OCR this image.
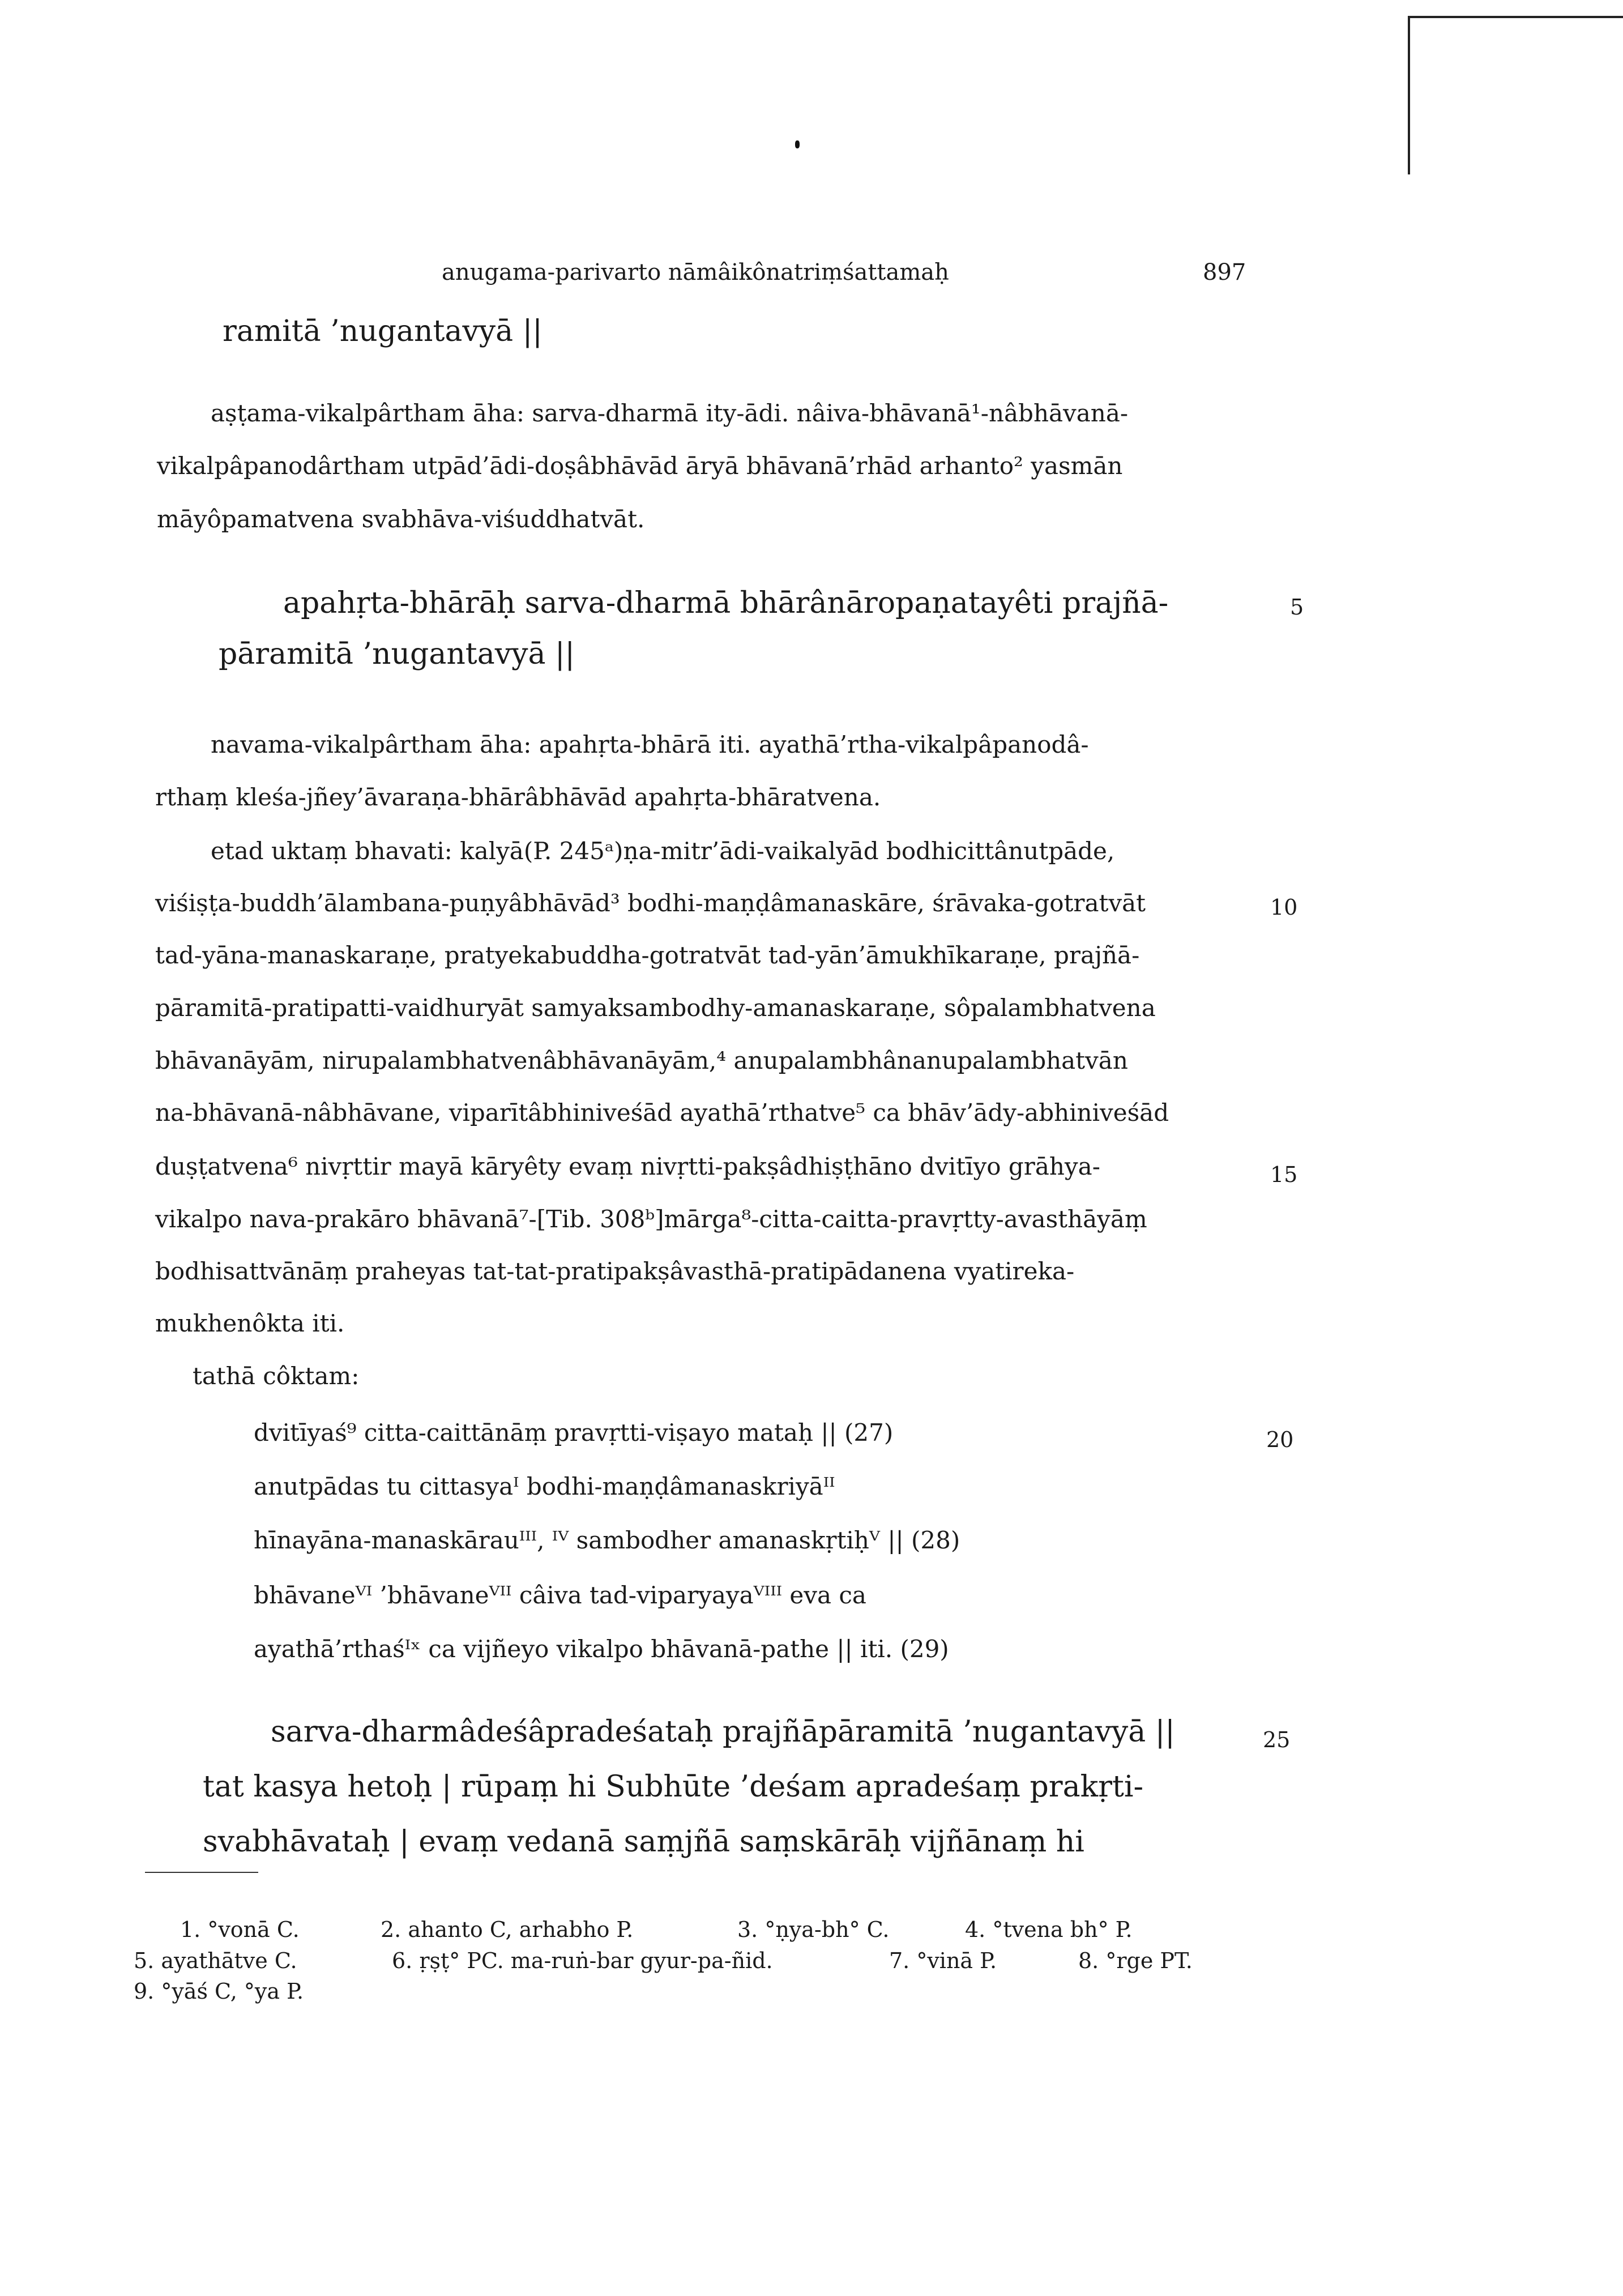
anugama-parivarto nāmâikônatriṃśattamaḥ	897
ramitā ’nugantavyā ||
aṣṭama-vikalpârtham āha: sarva-dharmā ity-ādi. nâiva-bhāvanā¹-nâbhāvanā-
vikalpâpanodârtham utpād’ādi-doṣâbhāvād āryā bhāvanā’rhād arhanto² yasmān
māyôpamatvena svabhāva-viśuddhatvāt.
apahṛta-bhārāḥ sarva-dharmā bhārânāropaṇatayêti prajñā-	5
pāramitā ’nugantavyā ||
navama-vikalpârtham āha: apahṛta-bhārā iti. ayathā’rtha-vikalpâpanodâ-
rthaṃ kleśa-jñey’āvaraṇa-bhārâbhāvād apahṛta-bhāratvena.
etad uktaṃ bhavati: kalyā(P. 245ᵃ)ṇa-mitr’ādi-vaikalyād bodhicittânutpāde,
viśiṣṭa-buddh’ālambana-puṇyâbhāvād³ bodhi-maṇḍâmanaskāre, śrāvaka-gotratvāt	10
tad-yāna-manaskaraṇe, pratyekabuddha-gotratvāt tad-yān’āmukhīkaraṇe, prajñā-
pāramitā-pratipatti-vaidhuryāt samyaksambodhy-amanaskaraṇe, sôpalambhatvena
bhāvanāyām, nirupalambhatvenâbhāvanāyām,⁴ anupalambhânanupalambhatvān
na-bhāvanā-nâbhāvane, viparītâbhiniveśād ayathā’rthatve⁵ ca bhāv’ādy-abhiniveśād
duṣṭatvena⁶ nivṛttir mayā kāryêty evaṃ nivṛtti-pakṣâdhiṣṭhāno dvitīyo grāhya-	15
vikalpo nava-prakāro bhāvanā⁷-[Tib. 308ᵇ]mārga⁸-citta-caitta-pravṛtty-avasthāyāṃ
bodhisattvānāṃ praheyas tat-tat-pratipakṣâvasthā-pratipādanena vyatireka-
mukhenôkta iti.
tathā côktam:
dvitīyaś⁹ citta-caittānāṃ pravṛtti-viṣayo mataḥ || (27)	20
anutpādas tu cittasyaᴵ bodhi-maṇḍâmanaskriyāᴵᴵ
hīnayāna-manaskārauᴵᴵᴵ, ᴵⱽ sambodher amanaskṛtiḥⱽ || (28)
bhāvaneⱽᴵ ’bhāvaneⱽᴵᴵ câiva tad-viparyayaⱽᴵᴵᴵ eva ca
ayathā’rthaśᴵˣ ca vijñeyo vikalpo bhāvanā-pathe || iti. (29)
sarva-dharmâdeśâpradeśataḥ prajñāpāramitā ’nugantavyā ||	25
tat kasya hetoḥ | rūpaṃ hi Subhūte ’deśam apradeśaṃ prakṛti-
svabhāvataḥ | evaṃ vedanā saṃjñā saṃskārāḥ vijñānaṃ hi
1. °vonā C.	2. ahanto C, arhabho P.	3. °ṇya-bh° C.	4. °tvena bh° P.
5. ayathātve C.	6. ṛṣṭ° PC. ma-ruṅ-bar gyur-pa-ñid.	7. °vinā P.	8. °rge PT.
9. °yāś C, °ya P.
